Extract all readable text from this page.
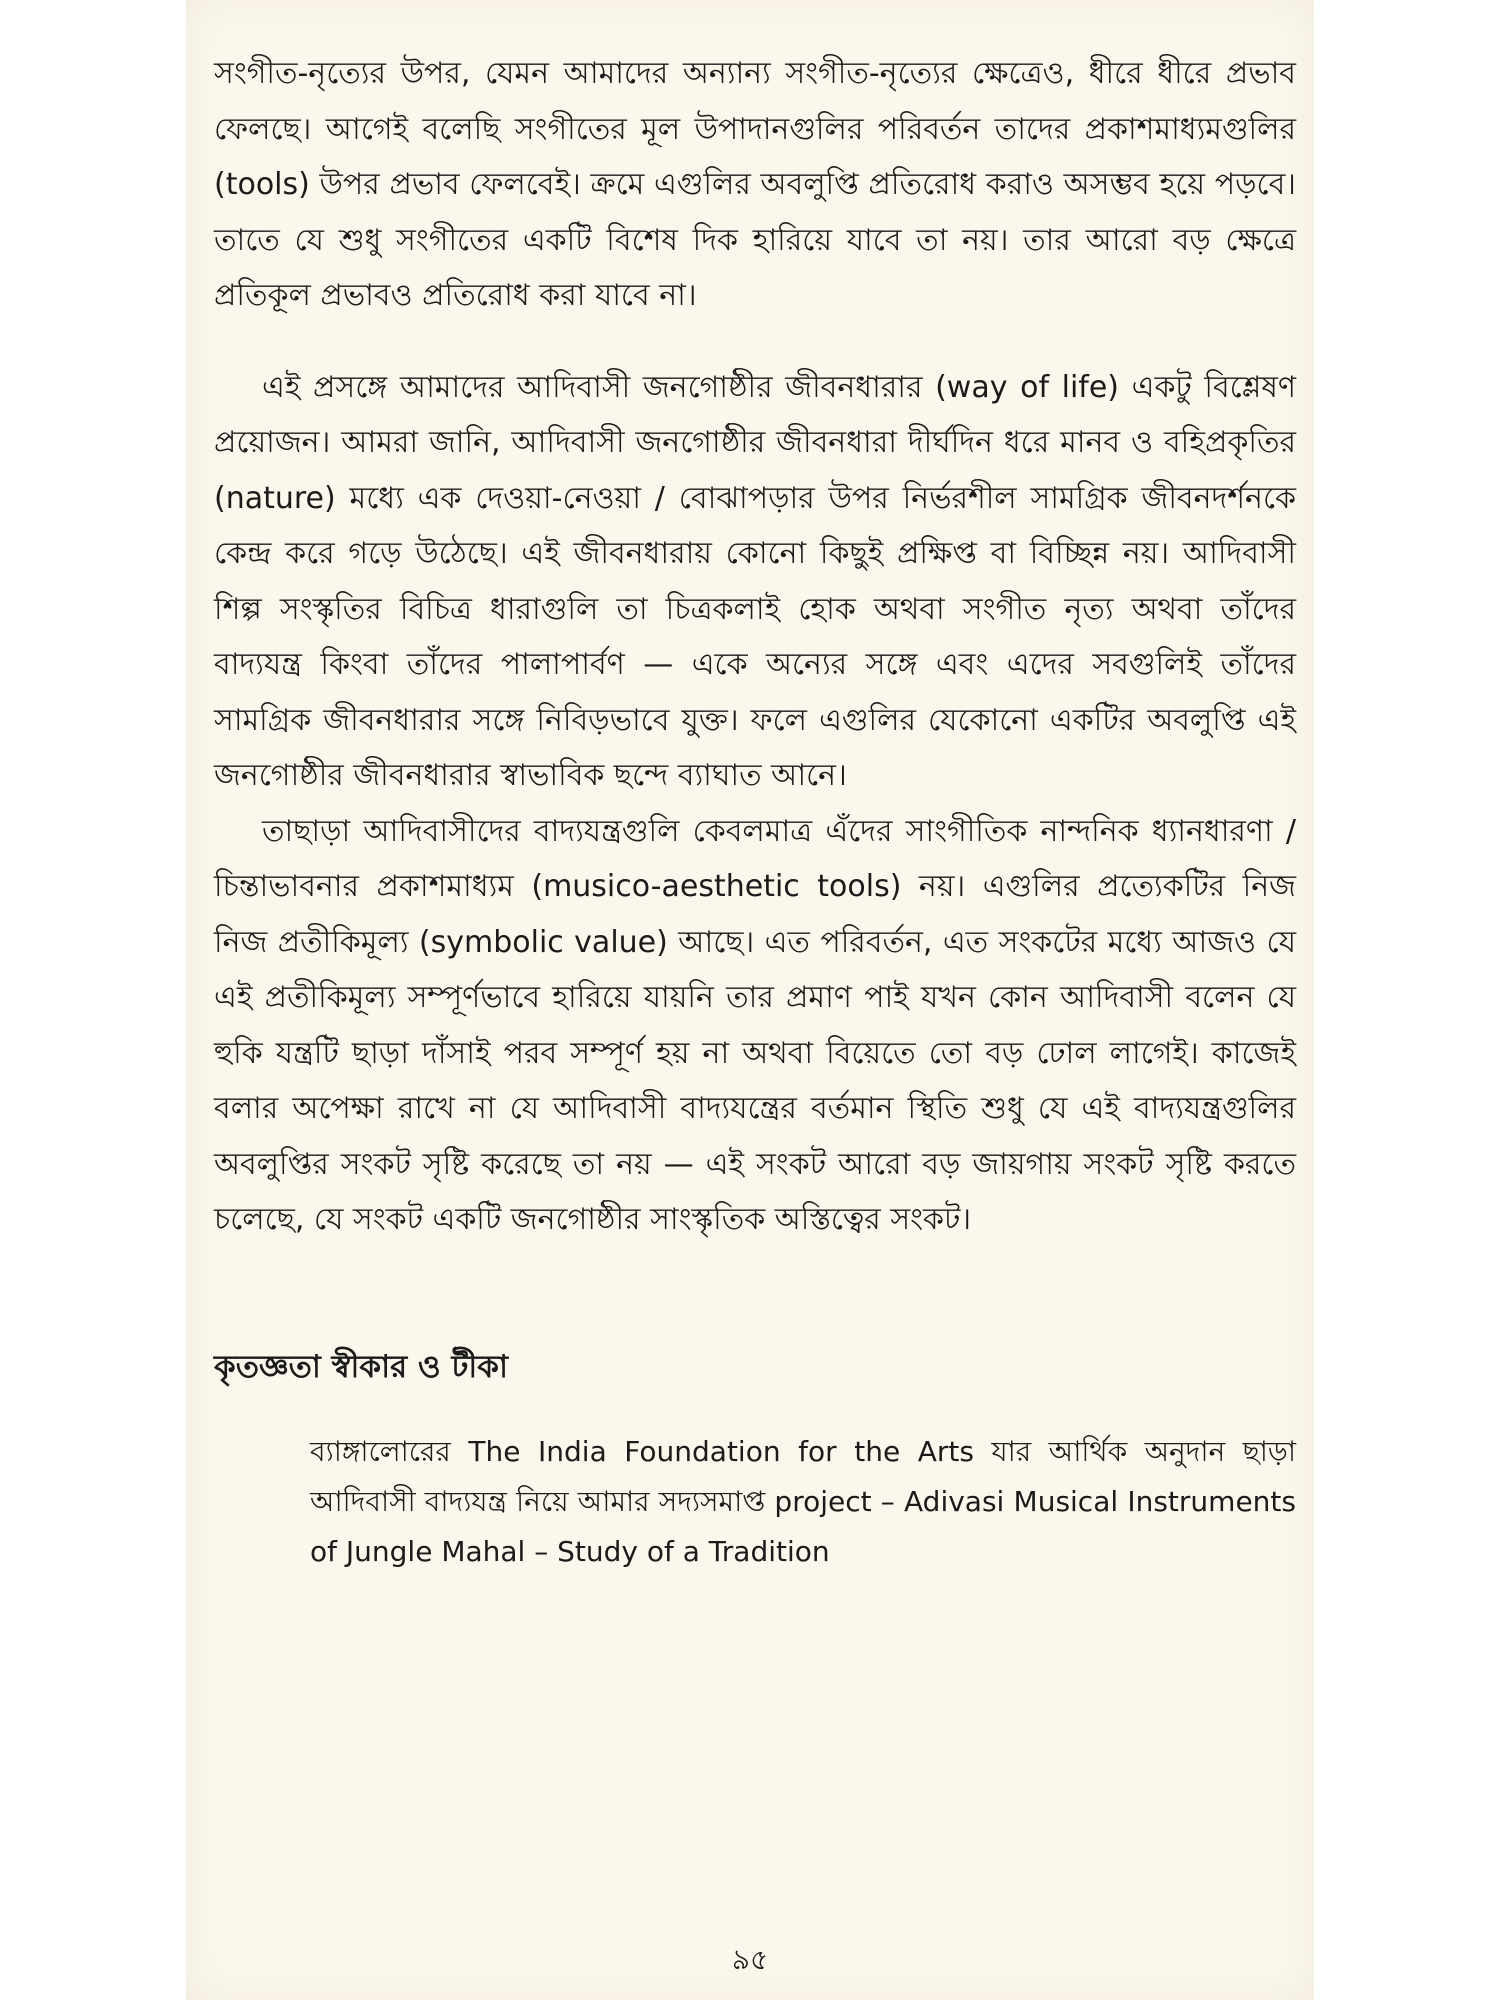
সংগীত-নৃত্যের উপর, যেমন আমাদের অন্যান্য সংগীত-নৃত্যের ক্ষেত্রেও, ধীরে ধীরে প্রভাব ফেলছে। আগেই বলেছি সংগীতের মূল উপাদানগুলির পরিবর্তন তাদের প্রকাশমাধ্যমগুলির (tools) উপর প্রভাব ফেলবেই। ক্রমে এগুলির অবলুপ্তি প্রতিরোধ করাও অসম্ভব হয়ে পড়বে। তাতে যে শুধু সংগীতের একটি বিশেষ দিক হারিয়ে যাবে তা নয়। তার আরো বড় ক্ষেত্রে প্রতিকূল প্রভাবও প্রতিরোধ করা যাবে না।

এই প্রসঙ্গে আমাদের আদিবাসী জনগোষ্ঠীর জীবনধারার (way of life) একটু বিশ্লেষণ প্রয়োজন। আমরা জানি, আদিবাসী জনগোষ্ঠীর জীবনধারা দীর্ঘদিন ধরে মানব ও বহিপ্রকৃতির (nature) মধ্যে এক দেওয়া-নেওয়া / বোঝাপড়ার উপর নির্ভরশীল সামগ্রিক জীবনদর্শনকে কেন্দ্র করে গড়ে উঠেছে। এই জীবনধারায় কোনো কিছুই প্রক্ষিপ্ত বা বিচ্ছিন্ন নয়। আদিবাসী শিল্প সংস্কৃতির বিচিত্র ধারাগুলি তা চিত্রকলাই হোক অথবা সংগীত নৃত্য অথবা তাঁদের বাদ্যযন্ত্র কিংবা তাঁদের পালাপার্বণ — একে অন্যের সঙ্গে এবং এদের সবগুলিই তাঁদের সামগ্রিক জীবনধারার সঙ্গে নিবিড়ভাবে যুক্ত। ফলে এগুলির যেকোনো একটির অবলুপ্তি এই জনগোষ্ঠীর জীবনধারার স্বাভাবিক ছন্দে ব্যাঘাত আনে।

তাছাড়া আদিবাসীদের বাদ্যযন্ত্রগুলি কেবলমাত্র এঁদের সাংগীতিক নান্দনিক ধ্যানধারণা / চিন্তাভাবনার প্রকাশমাধ্যম (musico-aesthetic tools) নয়। এগুলির প্রত্যেকটির নিজ নিজ প্রতীকিমূল্য (symbolic value) আছে। এত পরিবর্তন, এত সংকটের মধ্যে আজও যে এই প্রতীকিমূল্য সম্পূর্ণভাবে হারিয়ে যায়নি তার প্রমাণ পাই যখন কোন আদিবাসী বলেন যে হুকি যন্ত্রটি ছাড়া দাঁসাই পরব সম্পূর্ণ হয় না অথবা বিয়েতে তো বড় ঢোল লাগেই। কাজেই বলার অপেক্ষা রাখে না যে আদিবাসী বাদ্যযন্ত্রের বর্তমান স্থিতি শুধু যে এই বাদ্যযন্ত্রগুলির অবলুপ্তির সংকট সৃষ্টি করেছে তা নয় — এই সংকট আরো বড় জায়গায় সংকট সৃষ্টি করতে চলেছে, যে সংকট একটি জনগোষ্ঠীর সাংস্কৃতিক অস্তিত্বের সংকট।

কৃতজ্ঞতা স্বীকার ও টীকা

ব্যাঙ্গালোরের The India Foundation for the Arts যার আর্থিক অনুদান ছাড়া আদিবাসী বাদ্যযন্ত্র নিয়ে আমার সদ্যসমাপ্ত project – Adivasi Musical Instruments of Jungle Mahal – Study of a Tradition

৯৫
